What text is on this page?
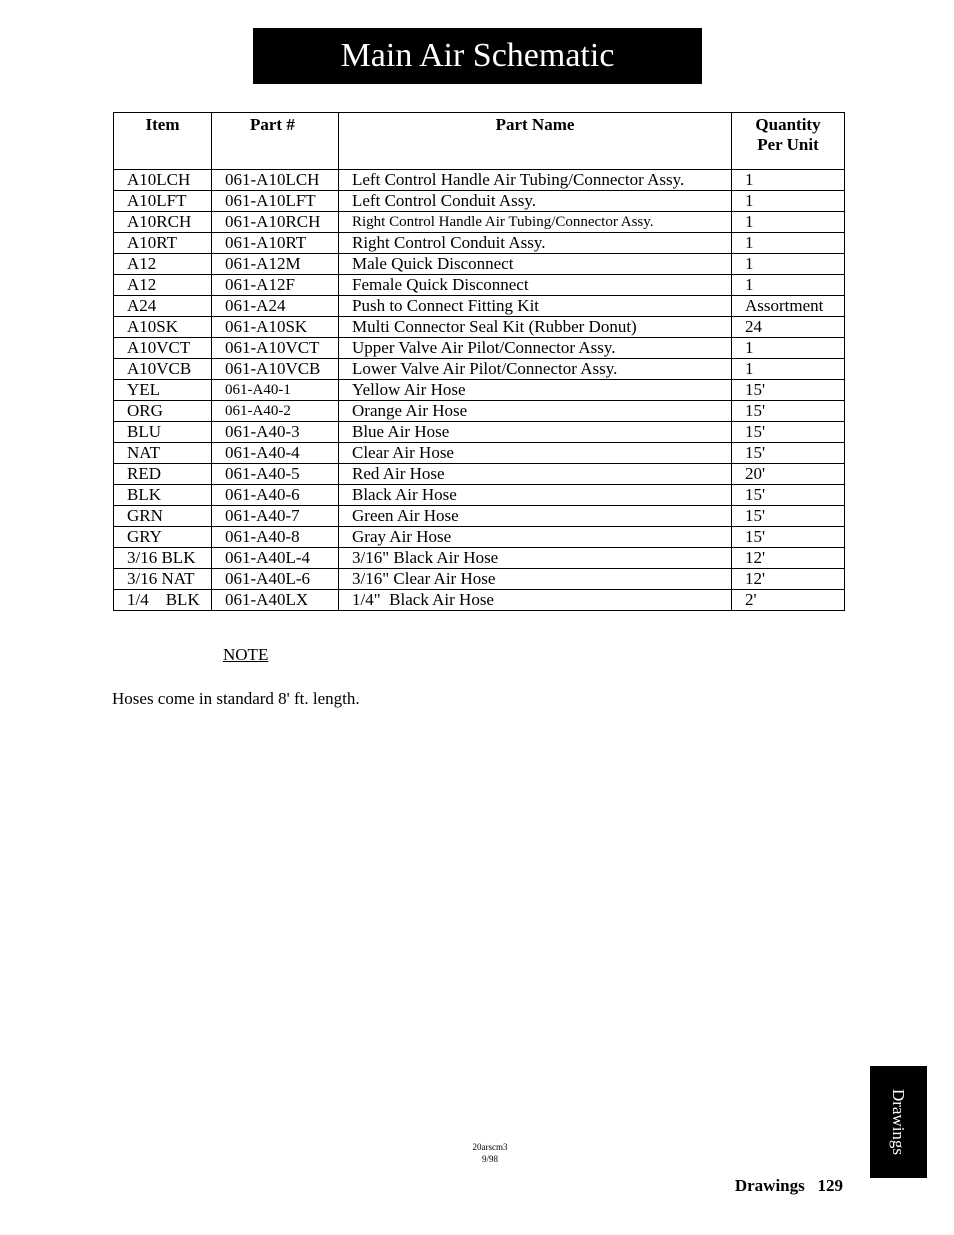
Main Air Schematic
Item	Part #	Part Name	Quantity
Per Unit

A10LCH	061-A10LCH	Left Control Handle Air Tubing/Connector Assy.	1
A10LFT	061-A10LFT	Left Control Conduit Assy.	1
A10RCH	061-A10RCH	Right Control Handle Air Tubing/Connector Assy.	1
A10RT	061-A10RT	Right Control Conduit Assy.	1
A12	061-A12M	Male Quick Disconnect	1
A12	061-A12F	Female Quick Disconnect	1
A24	061-A24	Push to Connect Fitting Kit	Assortment
A10SK	061-A10SK	Multi Connector Seal Kit (Rubber Donut)	24
A10VCT	061-A10VCT	Upper Valve Air Pilot/Connector Assy.	1
A10VCB	061-A10VCB	Lower Valve Air Pilot/Connector Assy.	1
YEL	061-A40-1	Yellow Air Hose	15'
ORG	061-A40-2	Orange Air Hose	15'
BLU	061-A40-3	Blue Air Hose	15'
NAT	061-A40-4	Clear Air Hose	15'
RED	061-A40-5	Red Air Hose	20'
BLK	061-A40-6	Black Air Hose	15'
GRN	061-A40-7	Green Air Hose	15'
GRY	061-A40-8	Gray Air Hose	15'
3/16 BLK	061-A40L-4	3/16" Black Air Hose	12'
3/16 NAT	061-A40L-6	3/16" Clear Air Hose	12'
1/4    BLK	061-A40LX	1/4"  Black Air Hose	2'
NOTE
Hoses come in standard 8' ft. length.
20arscm3
9/98
Drawings
Drawings 129
